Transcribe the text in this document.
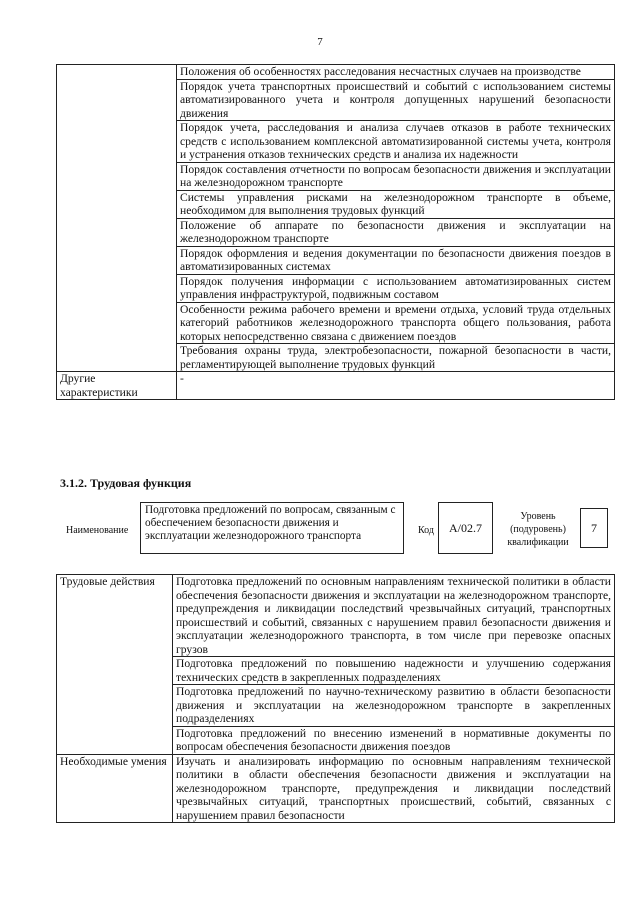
7
	Положения об особенностях расследования несчастных случаев на производстве
	Порядок учета транспортных происшествий и событий с использованием системы автоматизированного учета и контроля допущенных нарушений безопасности движения
	Порядок учета, расследования и анализа случаев отказов в работе технических средств с использованием комплексной автоматизированной системы учета, контроля и устранения отказов технических средств и анализа их надежности
	Порядок составления отчетности по вопросам безопасности движения и эксплуатации на железнодорожном транспорте
	Системы управления рисками на железнодорожном транспорте в объеме, необходимом для выполнения трудовых функций
	Положение об аппарате по безопасности движения и эксплуатации на железнодорожном транспорте
	Порядок оформления и ведения документации по безопасности движения поездов в автоматизированных системах
	Порядок получения информации с использованием автоматизированных систем управления инфраструктурой, подвижным составом
	Особенности режима рабочего времени и времени отдыха, условий труда отдельных категорий работников железнодорожного транспорта общего пользования, работа которых непосредственно связана с движением поездов
	Требования охраны труда, электробезопасности, пожарной безопасности в части, регламентирующей выполнение трудовых функций
Другие характеристики	-
3.1.2. Трудовая функция
Наименование
Подготовка предложений по вопросам, связанным с обеспечением безопасности движения и эксплуатации железнодорожного транспорта	Код	A/02.7
Уровень (подуровень) квалификации
7
Трудовые действия	Подготовка предложений по основным направлениям технической политики в области обеспечения безопасности движения и эксплуатации на железнодорожном транспорте, предупреждения и ликвидации последствий чрезвычайных ситуаций, транспортных происшествий и событий, связанных с нарушением правил безопасности движения и эксплуатации железнодорожного транспорта, в том числе при перевозке опасных грузов
	Подготовка предложений по повышению надежности и улучшению содержания технических средств в закрепленных подразделениях
	Подготовка предложений по научно-техническому развитию в области безопасности движения и эксплуатации на железнодорожном транспорте в закрепленных подразделениях
	Подготовка предложений по внесению изменений в нормативные документы по вопросам обеспечения безопасности движения поездов
Необходимые умения	Изучать и анализировать информацию по основным направлениям технической политики в области обеспечения безопасности движения и эксплуатации на железнодорожном транспорте, предупреждения и ликвидации последствий чрезвычайных ситуаций, транспортных происшествий, событий, связанных с нарушением правил безопасности
